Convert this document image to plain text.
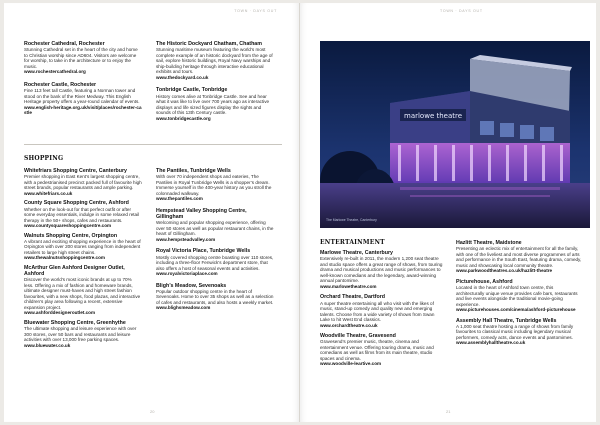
TOWN · DAYS OUT
Rochester Cathedral, Rochester

Stunning Cathedral set in the heart of the city and home to Christian worship since AD604. Visitors are welcome for worship, to take in the architecture or to enjoy the music.

www.rochestercathedral.org
Rochester Castle, Rochester

Fine 113 feet tall Castle, featuring a Norman tower and stood on the bank of the River Medway. This English Heritage property offers a year-round calendar of events.

www.english-heritage.org.uk/visit/places/rochester-castle
The Historic Dockyard Chatham, Chatham

Stunning maritime museum featuring the world’s most complete example of an historic dockyard from the age of sail, explore historic buildings, Royal Navy warships and ship-building heritage through interactive educational exhibits and tours.

www.thedockyard.co.uk
Tonbridge Castle, Tonbridge

History comes alive at Tonbridge Castle. See and hear what it was like to live over 700 years ago as interactive displays and life sized figures display the sights and sounds of this 13th Century castle.

www.tonbridgecastle.org
SHOPPING
Whitefriars Shopping Centre, Canterbury

Premier shopping in East Kent’s largest shopping centre, with a pedestrianised precinct packed full of favourite high street brands, popular restaurants and ample parking.

www.whitefriars.co.uk
County Square Shopping Centre, Ashford

Whether on the look-out for that perfect outfit or after some everyday essentials, indulge in some relaxed retail therapy in the 50+ shops, cafes and restaurants.

www.countysquareshoppingcentre.com
Walnuts Shopping Centre, Orpington

A vibrant and exciting shopping experience in the heart of Orpington with over 200 stores ranging from independent retailers to large high street chains.

www.thewalnutsshoppingcentre.com
McArthur Glen Ashford Designer Outlet, Ashford

Discover the world’s most iconic brands at up to 70% less. Offering a mix of fashion and homeware brands, ultimate designer must-haves and high street fashion favourites, with a new shops, food plazas, and interactive children’s play area following a recent, extensive expansion project.

www.ashforddesigneroutlet.com
Bluewater Shopping Centre, Greenhythe

The ultimate shopping and leisure experience with over 300 stores, over 50 bars and restaurants and leisure activities with over 13,000 free parking spaces.

www.bluewater.co.uk
The Pantiles, Tunbridge Wells

With over 70 independent shops and eateries, The Pantiles in Royal Tunbridge Wells is a shopper’s dream. Immerse yourself in the 400-year history as you stroll the colonnaded walkway.

www.thepantiles.com
Hempstead Valley Shopping Centre, Gillingham

Welcoming and popular shopping experience, offering over 50 stores as well as popular restaurant chains, in the heart of Gillingham.

www.hempsteadvalley.com
Royal Victoria Place, Tunbridge Wells

Mostly covered shopping centre boasting over 110 stores, including a three-floor Fenwick’s department store, that also offers a host of seasonal events and activities.

www.royalvictoriaplace.com
Bligh’s Meadow, Sevenoaks

Popular outdoor shopping centre in the heart of Sevenoaks. Home to over 35 shops as well as a selection of cafes and restaurants, and also hosts a weekly market.

www.blighsmeadow.com
20
TOWN · DAYS OUT
marlowe theatre
The Marlowe Theatre, Canterbury
ENTERTAINMENT
Marlowe Theatre, Canterbury

Extensively re-built in 2011, the modern 1,200 seat theatre and studio space offers a great range of shows, from touring drama and musical productions and music performances to well-known comedians and the legendary, award-winning annual pantomime.

www.marlowetheatre.com
Orchard Theatre, Dartford

A super theatre entertaining all who visit with the likes of music, stand-up comedy and quality new and emerging talents. Choose from a wide variety of shows from Swan Lake to hit West End classics.

www.orchardtheatre.co.uk
Woodville Theatre, Gravesend

Gravesend’s premier music, theatre, cinema and entertainment venue. Offering touring drama, music and comedians as well as films from its main theatre, studio spaces and cinema.

www.woodville-leartive.com
Hazlitt Theatre, Maidstone

Presenting an eclectic mix of entertainment for all the family, with one of the liveliest and most diverse programmes of arts and performance in the South East, featuring drama, comedy, music and showcasing local community theatre.

www.parkwoodtheatres.co.uk/hazlitt-theatre
Picturehouse, Ashford

Located in the heart of Ashford town centre, this architecturally unique venue provides cafe bars, restaurants and live events alongside the traditional movie-going experience.

www.picturehouses.com/cinema/ashford-picturehouse
Assembly Hall Theatre, Tunbridge Wells

A 1,000 seat theatre hosting a range of shows from family favourites to classical music including legendary musical performers, comedy acts, dance events and pantomimes.

www.assemblyhalltheatre.co.uk
21
